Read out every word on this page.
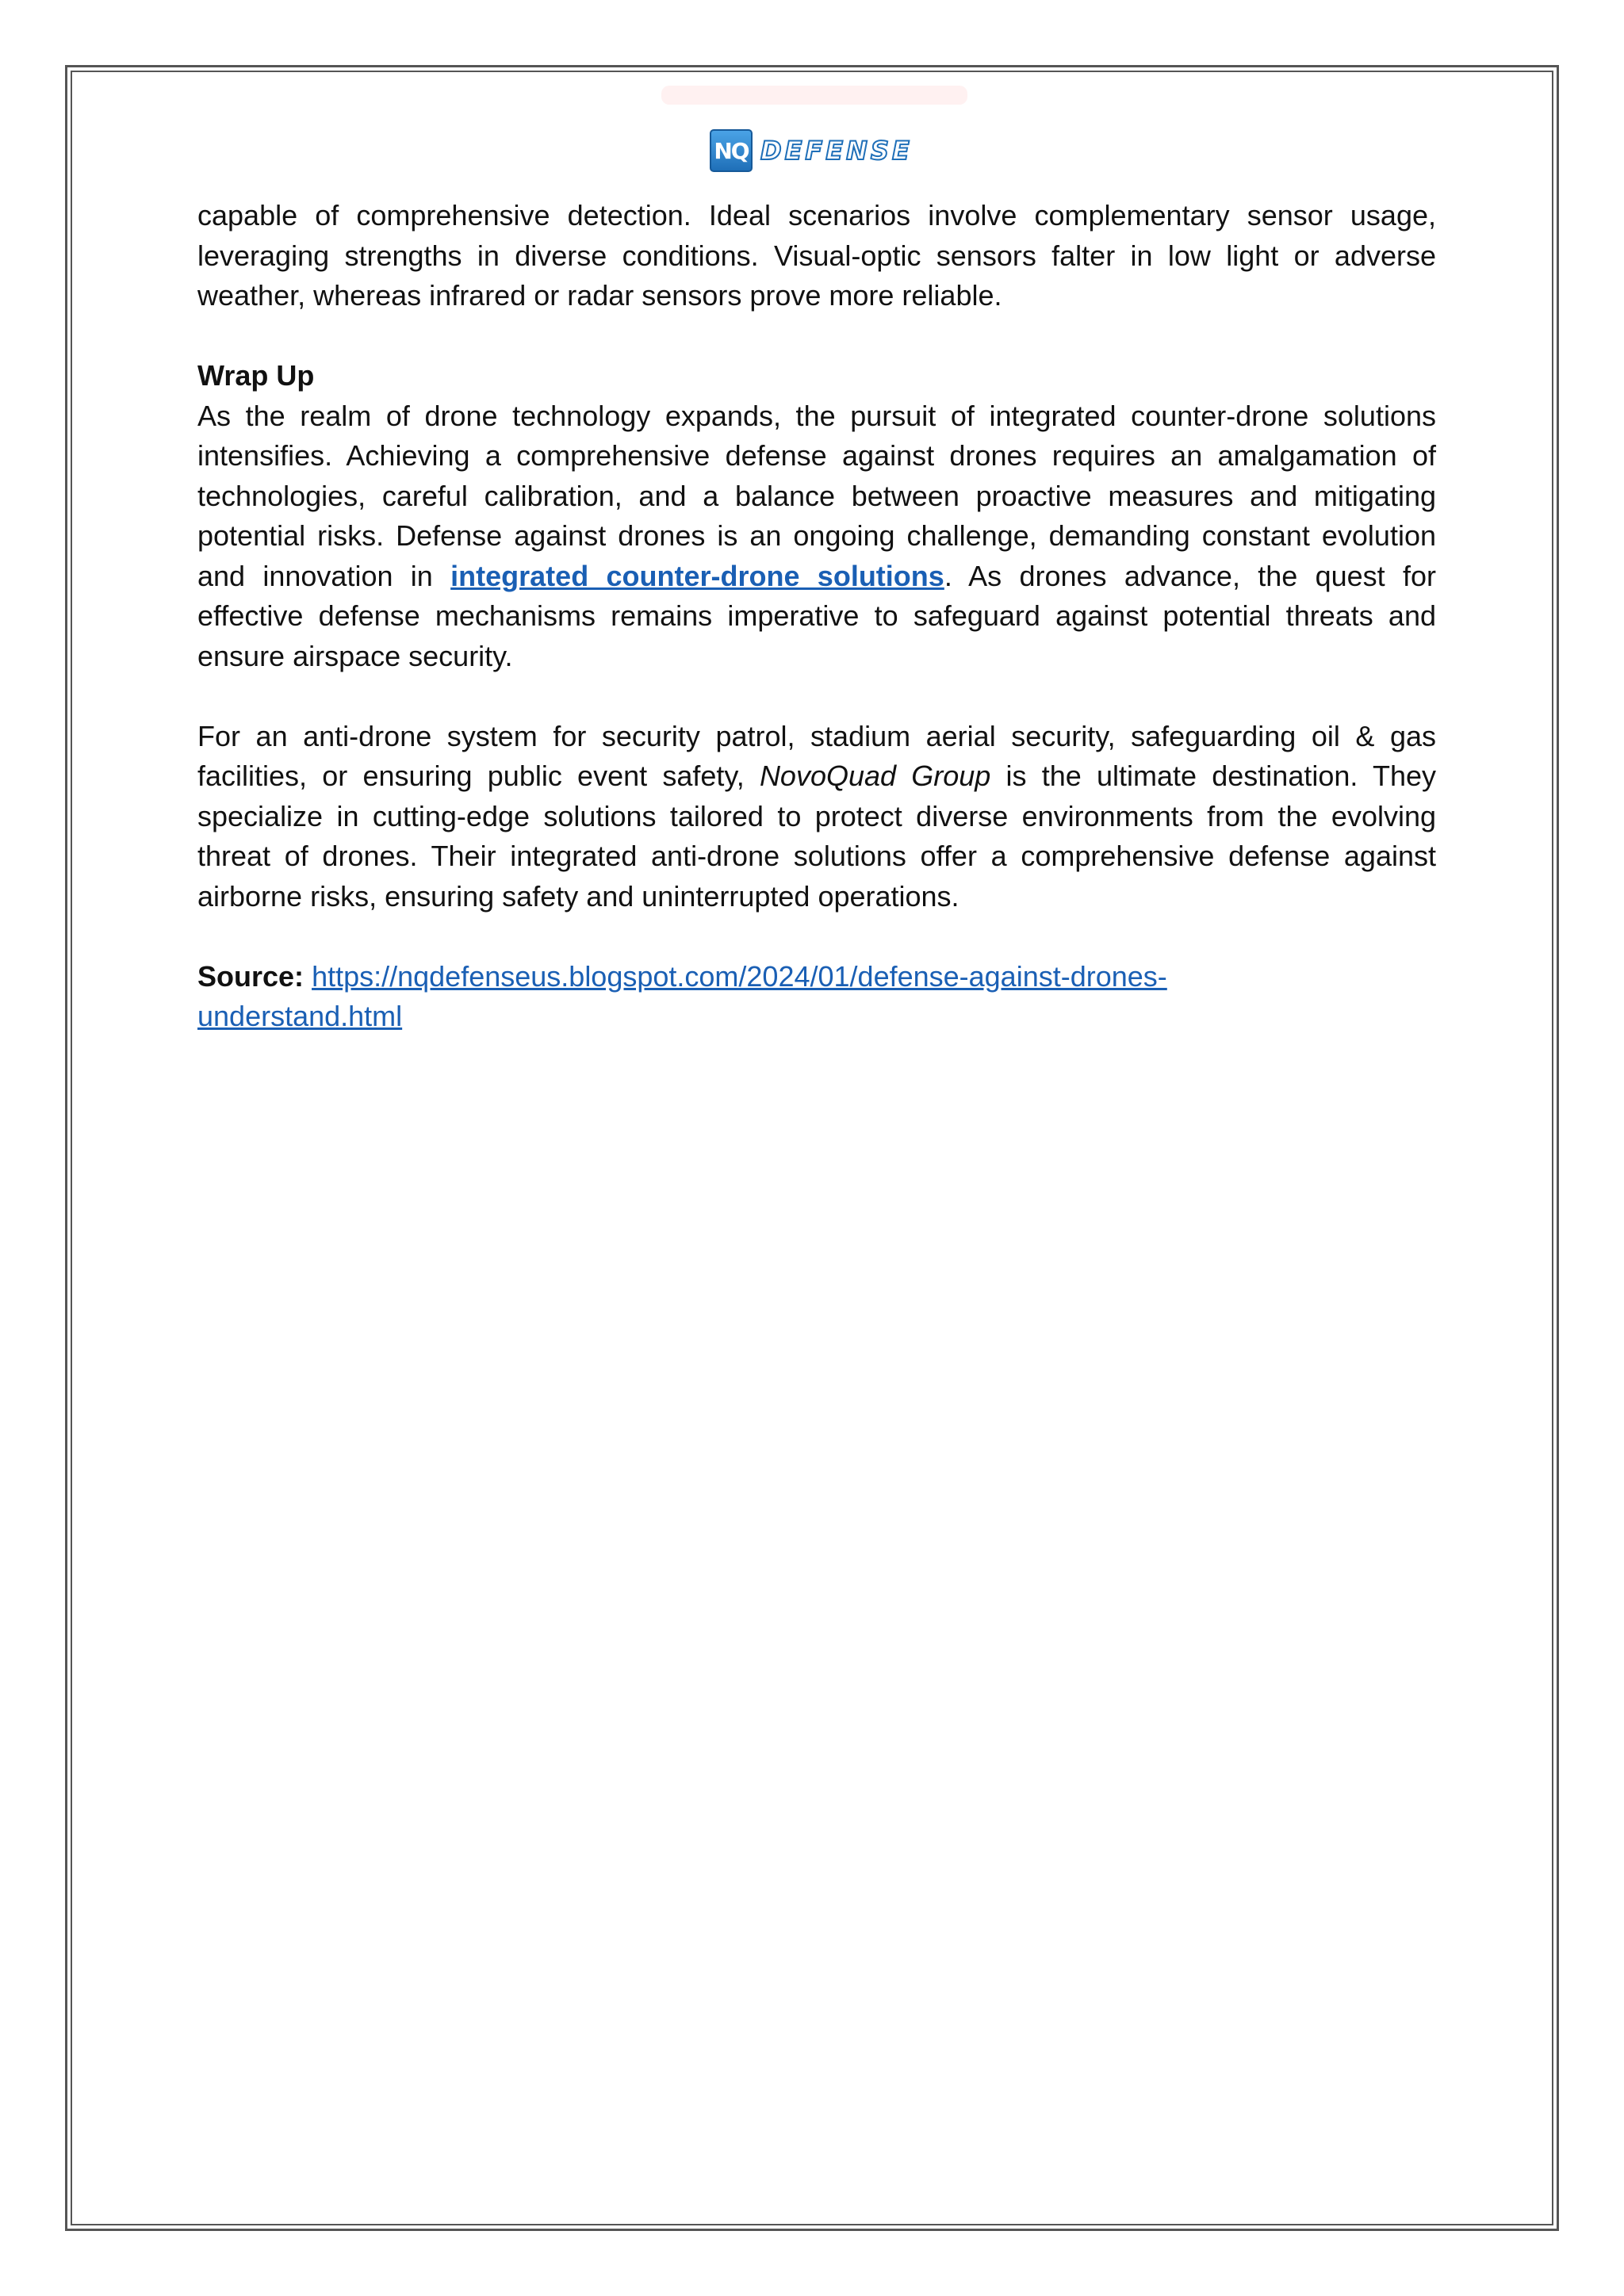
NQ DEFENSE

capable of comprehensive detection. Ideal scenarios involve complementary sensor usage, leveraging strengths in diverse conditions. Visual-optic sensors falter in low light or adverse weather, whereas infrared or radar sensors prove more reliable.

Wrap Up

As the realm of drone technology expands, the pursuit of integrated counter-drone solutions intensifies. Achieving a comprehensive defense against drones requires an amalgamation of technologies, careful calibration, and a balance between proactive measures and mitigating potential risks. Defense against drones is an ongoing challenge, demanding constant evolution and innovation in integrated counter-drone solutions. As drones advance, the quest for effective defense mechanisms remains imperative to safeguard against potential threats and ensure airspace security.

For an anti-drone system for security patrol, stadium aerial security, safeguarding oil & gas facilities, or ensuring public event safety, NovoQuad Group is the ultimate destination. They specialize in cutting-edge solutions tailored to protect diverse environments from the evolving threat of drones. Their integrated anti-drone solutions offer a comprehensive defense against airborne risks, ensuring safety and uninterrupted operations.

Source: https://nqdefenseus.blogspot.com/2024/01/defense-against-drones-
understand.html
